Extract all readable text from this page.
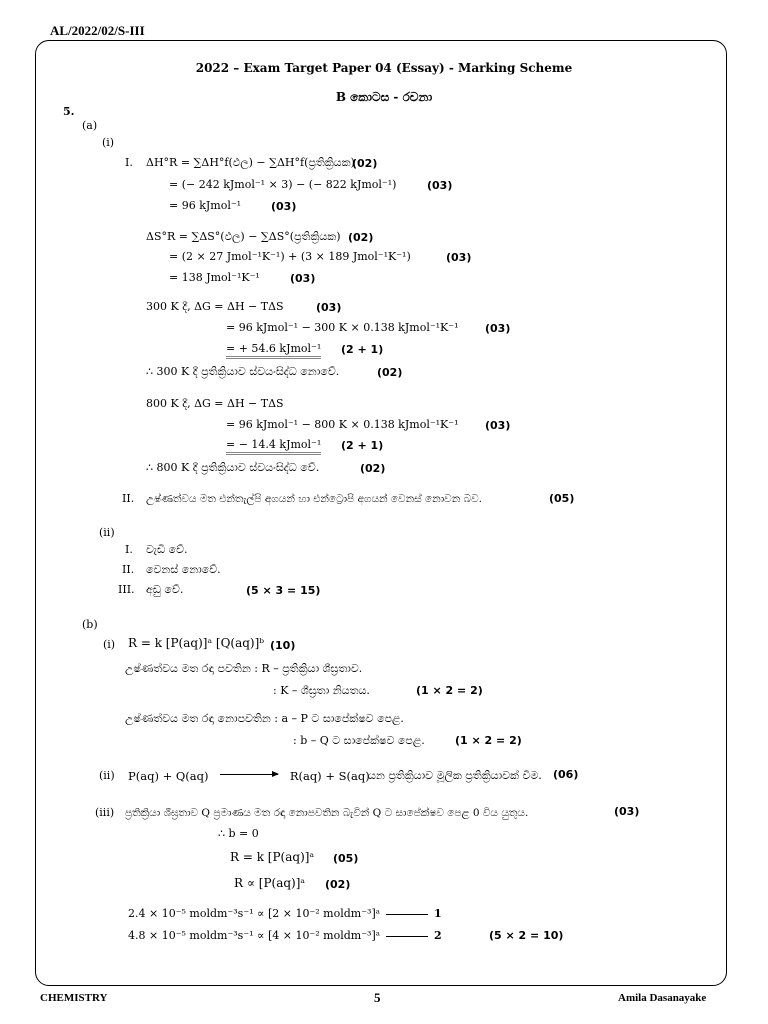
AL/2022/02/S-III
2022 – Exam Target Paper 04 (Essay) - Marking Scheme
B කොටස - රචනා
5.
(a)
(i)
I. ΔH°R = ∑ΔH°f(ඵල) − ∑ΔH°f(ප්‍රතික්‍රියක)
(02)
= (− 242 kJmol⁻¹ × 3) − (− 822 kJmol⁻¹)	(03)
= 96 kJmol⁻¹	(03)
ΔS°R = ∑ΔS°(ඵල) − ∑ΔS°(ප්‍රතික්‍රියක) (02)
= (2 × 27 Jmol⁻¹K⁻¹) + (3 × 189 Jmol⁻¹K⁻¹)	(03)
= 138 Jmol⁻¹K⁻¹	(03)
300 K දී, ΔG = ΔH − TΔS	(03)
= 96 kJmol⁻¹ − 300 K × 0.138 kJmol⁻¹K⁻¹ (03)
= + 54.6 kJmol⁻¹ (2 + 1)
∴ 300 K දී ප්‍රතික්‍රියාව ස්වයංසිද්ධ නොවේ.	(02)
800 K දී, ΔG = ΔH − TΔS
= 96 kJmol⁻¹ − 800 K × 0.138 kJmol⁻¹K⁻¹ (03)
= − 14.4 kJmol⁻¹ (2 + 1)
∴ 800 K දී ප්‍රතික්‍රියාව ස්වයංසිද්ධ වේ.	(02)
II. උෂ්ණත්වය මත එන්තැල්පි අගයන් හා එන්ට්‍රොපි අගයන් වෙනස් නොවන බව.	(05)
(ii)
I. වැඩි වේ.
II. වෙනස් නොවේ.
III. අඩු වේ.	(5 × 3 = 15)
(b)
(i) R = k [P(aq)]ᵃ [Q(aq)]ᵇ (10)
උෂ්ණත්වය මත රඳා පවතින : R – ප්‍රතික්‍රියා ශීඝ්‍රතාව.
: K – ශීඝ්‍රතා නියතය.	(1 × 2 = 2)
උෂ්ණත්වය මත රඳා නොපවතින : a – P ට සාපේක්ෂව පෙළ.
: b – Q ට සාපේක්ෂව පෙළ.	(1 × 2 = 2)
(ii) P(aq) + Q(aq)	R(aq) + S(aq)
යන ප්‍රතික්‍රියාව මූලික ප්‍රතික්‍රියාවක් වීම. (06)
(iii) ප්‍රතික්‍රියා ශීඝ්‍රතාව Q ප්‍රමාණය මත රඳා නොපවතින බැවින් Q ට සාපේක්ෂව පෙළ 0 විය යුතුය.	(03)
∴ b = 0
R = k [P(aq)]ᵃ (05)
R ∝ [P(aq)]ᵃ (02)
2.4 × 10⁻⁵ moldm⁻³s⁻¹ ∝ [2 × 10⁻² moldm⁻³]ᵃ	1
4.8 × 10⁻⁵ moldm⁻³s⁻¹ ∝ [4 × 10⁻² moldm⁻³]ᵃ	2	(5 × 2 = 10)
CHEMISTRY	5	Amila Dasanayake
